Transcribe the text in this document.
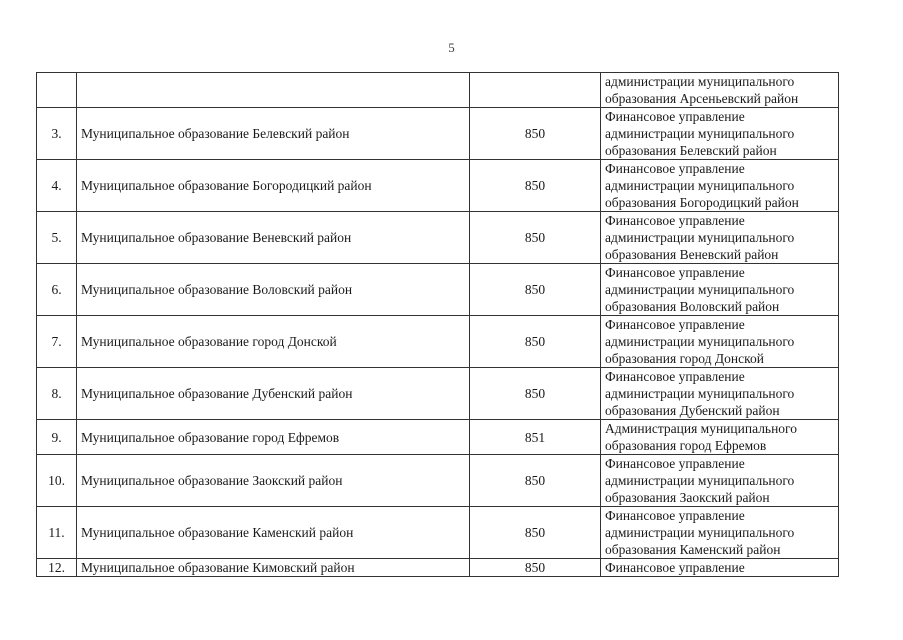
5

			администрации муниципального
образования Арсеньевский район

3.	Муниципальное образование Белевский район	850	Финансовое управление
администрации муниципального
образования Белевский район

4.	Муниципальное образование Богородицкий район	850	Финансовое управление
администрации муниципального
образования Богородицкий район

5.	Муниципальное образование Веневский район	850	Финансовое управление
администрации муниципального
образования Веневский район

6.	Муниципальное образование Воловский район	850	Финансовое управление
администрации муниципального
образования Воловский район

7.	Муниципальное образование город Донской	850	Финансовое управление
администрации муниципального
образования город Донской

8.	Муниципальное образование Дубенский район	850	Финансовое управление
администрации муниципального
образования Дубенский район

9.	Муниципальное образование город Ефремов	851	Администрация муниципального
образования город Ефремов

10.	Муниципальное образование Заокский район	850	Финансовое управление
администрации муниципального
образования Заокский район

11.	Муниципальное образование Каменский район	850	Финансовое управление
администрации муниципального
образования Каменский район

12.	Муниципальное образование Кимовский район	850	Финансовое управление
